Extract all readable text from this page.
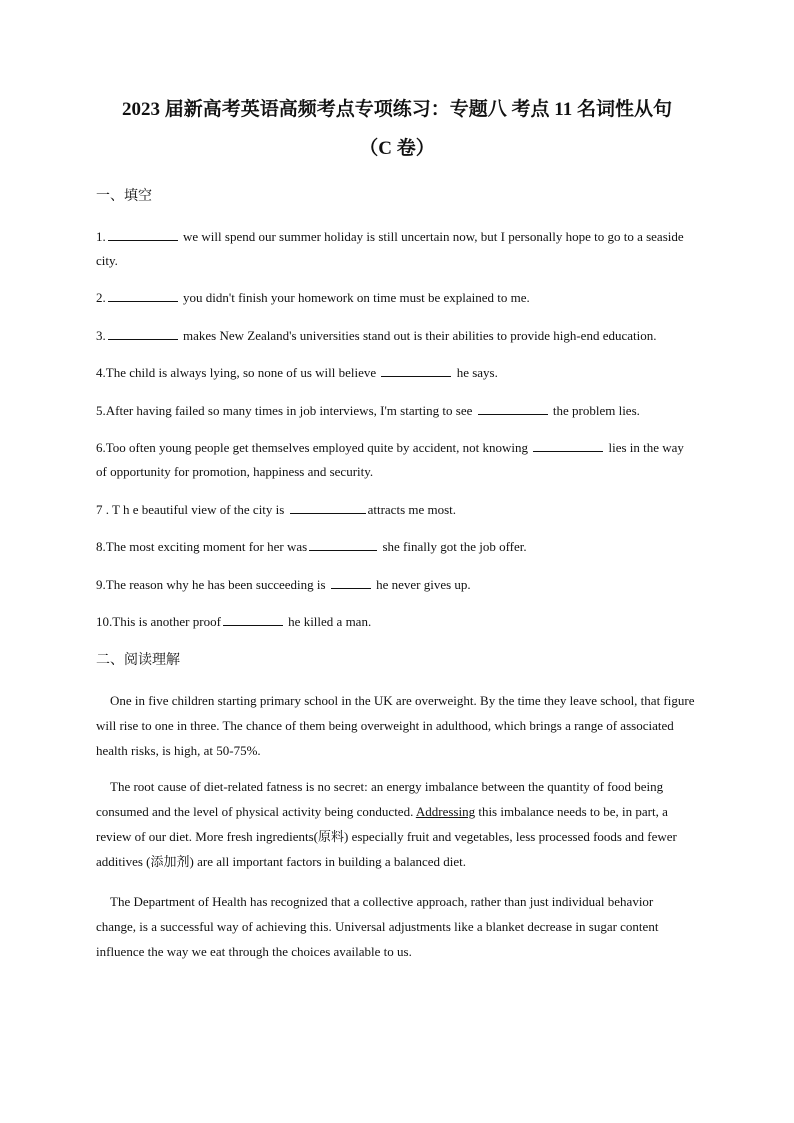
2023 届新高考英语高频考点专项练习：专题八 考点 11 名词性从句
（C 卷）
一、填空
1.	we will spend our summer holiday is still uncertain now, but I personally hope to go to a seaside city.
2.	you didn't finish your homework on time must be explained to me.
3.	makes New Zealand's universities stand out is their abilities to provide high-end education.
4.The child is always lying, so none of us will believe	he says.
5.After having failed so many times in job interviews, I'm starting to see	the problem lies.
6.Too often young people get themselves employed quite by accident, not knowing	lies in the way of opportunity for promotion, happiness and security.
7 . T h e beautiful view of the city is	attracts me most.
8.The most exciting moment for her was	she finally got the job offer.
9.The reason why he has been succeeding is	he never gives up.
10.This is another proof	he killed a man.
二、阅读理解
One in five children starting primary school in the UK are overweight. By the time they leave school, that figure will rise to one in three. The chance of them being overweight in adulthood, which brings a range of associated health risks, is high, at 50-75%.
The root cause of diet-related fatness is no secret: an energy imbalance between the quantity of food being consumed and the level of physical activity being conducted. Addressing this imbalance needs to be, in part, a review of our diet. More fresh ingredients(原料) especially fruit and vegetables, less processed foods and fewer additives (添加剂) are all important factors in building a balanced diet.
The Department of Health has recognized that a collective approach, rather than just individual behavior change, is a successful way of achieving this. Universal adjustments like a blanket decrease in sugar content influence the way we eat through the choices available to us.
